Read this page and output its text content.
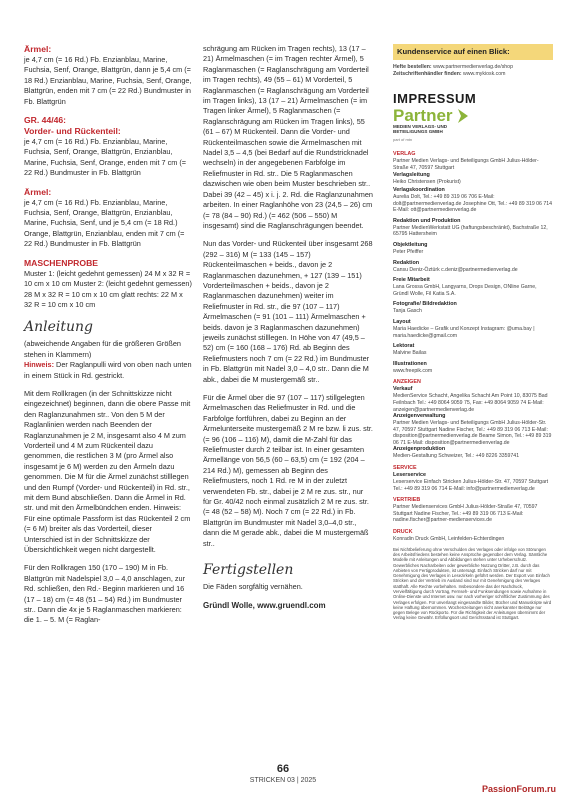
Ärmel:

je 4,7 cm (= 16 Rd.) Fb. Enzianblau, Marine, Fuchsia, Senf, Orange, Blattgrün, dann je 5,4 cm (= 18 Rd.) Enzianblau, Marine, Fuchsia, Senf, Orange, Blattgrün, enden mit 7 cm (= 22 Rd.) Bundmuster in Fb. Blattgrün

GR. 44/46:

Vorder- und Rückenteil:

je 4,7 cm (= 16 Rd.) Fb. Enzianblau, Marine, Fuchsia, Senf, Orange, Blattgrün, Enzianblau, Marine, Fuchsia, Senf, Orange, enden mit 7 cm (= 22 Rd.) Bundmuster in Fb. Blattgrün

Ärmel:

je 4,7 cm (= 16 Rd.) Fb. Enzianblau, Marine, Fuchsia, Senf, Orange, Blattgrün, Enzianblau, Marine, Fuchsia, Senf, und je 5,4 cm (= 18 Rd.) Orange, Blattgrün, Enzianblau, enden mit 7 cm (= 22 Rd.) Bundmuster in Fb. Blattgrün

MASCHENPROBE

Muster 1: (leicht gedehnt gemessen) 24 M x 32 R = 10 cm x 10 cm Muster 2: (leicht gedehnt gemessen) 28 M x 32 R = 10 cm x 10 cm glatt rechts: 22 M x 32 R = 10 cm x 10 cm

Anleitung

(abweichende Angaben für die größeren Größen stehen in Klammern)

Hinweis: Der Raglanpulli wird von oben nach unten in einem Stück in Rd. gestrickt.

Mit dem Rollkragen (in der Schnittskizze nicht eingezeichnet) beginnen, dann die obere Passe mit den Raglanzunahmen str.. Von den 5 M der Raglanlinien werden nach Beenden der Raglanzunahmen je 2 M, insgesamt also 4 M zum Vorderteil und 4 M zum Rückenteil dazu genommen, die restlichen 3 M (pro Ärmel also insgesamt je 6 M) werden zu den Ärmeln dazu genommen. Die M für die Ärmel zunächst stilllegen und den Rumpf (Vorder- und Rückenteil) in Rd. str., mit dem Bund abschließen. Dann die Ärmel in Rd. str. und mit den Ärmelbündchen enden. Hinweis: Für eine optimale Passform ist das Rückenteil 2 cm (= 6 M) breiter als das Vorderteil, dieser Unterschied ist in der Schnittskizze der Übersichtlichkeit wegen nicht dargestellt.

Für den Rollkragen 150 (170 – 190) M in Fb. Blattgrün mit Nadelspiel 3,0 – 4,0 anschlagen, zur Rd. schließen, den Rd.- Beginn markieren und 16 (17 – 18) cm (= 48 (51 – 54) Rd.) im Bundmuster str.. Dann die 4x je 5 Raglanmaschen markieren: die 1. – 5. M (= Raglan-

schrägung am Rücken im Tragen rechts), 13 (17 – 21) Ärmelmaschen (= im Tragen rechter Ärmel), 5 Raglanmaschen (= Raglanschrägung am Vorderteil im Tragen rechts), 49 (55 – 61) M Vorderteil, 5 Raglanmaschen (= Raglanschrägung am Vorderteil im Tragen links), 13 (17 – 21) Ärmelmaschen (= im Tragen linker Ärmel), 5 Raglanmaschen (= Raglanschrägung am Rücken im Tragen links), 55 (61 – 67) M Rückenteil. Dann die Vorder- und Rückenteilmaschen sowie die Ärmelmaschen mit Nadel 3,5 – 4,5 (bei Bedarf auf die Rundstricknadel wechseln) in der angegebenen Farbfolge im Reliefmuster in Rd. str.. Die 5 Raglanmaschen dazwischen wie oben beim Muster beschrieben str.. Dabei 39 (42 – 45) x i. j. 2. Rd. die Raglanzunahmen arbeiten. In einer Raglanhöhe von 23 (24,5 – 26) cm (= 78 (84 – 90) Rd.) (= 462 (506 – 550) M insgesamt) sind die Raglanschrägungen beendet.

Nun das Vorder- und Rückenteil über insgesamt 268 (292 – 316) M (= 133 (145 – 157) Rückenteilmaschen + beids., davon je 2 Raglanmaschen dazunehmen, + 127 (139 – 151) Vorderteilmaschen + beids., davon je 2 Raglanmaschen dazunehmen) weiter im Reliefmuster in Rd. str., die 97 (107 – 117) Ärmelmaschen (= 91 (101 – 111) Ärmelmaschen + beids. davon je 3 Raglanmaschen dazunehmen) jeweils zunächst stilllegen. In Höhe von 47 (49,5 – 52) cm (= 160 (168 – 176) Rd. ab Beginn des Reliefmusters noch 7 cm (= 22 Rd.) im Bundmuster in Fb. Blattgrün mit Nadel 3,0 – 4,0 str.. Dann die M abk., dabei die M mustergemäß str..

Für die Ärmel über die 97 (107 – 117) stillgelegten Ärmelmaschen das Reliefmuster in Rd. und die Farbfolge fortführen, dabei zu Beginn an der Ärmelunterseite mustergemäß 2 M re bzw. li zus. str. (= 96 (106 – 116) M), damit die M-Zahl für das Reliefmuster durch 2 teilbar ist. In einer gesamten Ärmellänge von 56,5 (60 – 63,5) cm (= 192 (204 – 214 Rd.) M), gemessen ab Beginn des Reliefmusters, noch 1 Rd. re M in der zuletzt verwendeten Fb. str., dabei je 2 M re zus. str., nur für Gr. 40/42 noch einmal zusätzlich 2 M re zus. str. (= 48 (52 – 58) M). Noch 7 cm (= 22 Rd.) in Fb. Blattgrün im Bundmuster mit Nadel 3,0–4,0 str., dann die M gerade abk., dabei die M mustergemäß str..

Fertigstellen

Die Fäden sorgfältig vernähen.

Gründl Wolle, www.gruendl.com

Kundenservice auf einen Blick:

Hefte bestellen: www.partnermedienverlag.de/shop

Zeitschriftenhändler finden: www.mykiosk.com

IMPRESSUM
Partner
MEDIEN VERLAGS- UND BETEILIGUNGS GMBH
part of mtn

VERLAG

Partner Medien Verlags- und Beteiligungs GmbH Julius-Hölder-Straße 47, 70597 Stuttgart

Verlagsleitung

Heiko Christensen (Prokurist)

Verlagskoordination

Aurelia Dolt, Tel.: +49 89 319 06 706 E-Mail: dolt@partnermedienverlag.de Josephine Ott, Tel.: +49 89 319 06 714 E-Mail: ott@partnermedienverlag.de

Redaktion und Produktion

Partner MedienWerkstatt UG (haftungsbeschränkt), Bachstraße 12, 65795 Hattersheim

Objektleitung

Peter Pfeiffer

Redaktion

Cansu Deniz-Öztürk c.deniz@partnermedienverlag.de

Freie Mitarbeit

Lana Grossa GmbH, Langyarns, Drops Design, ONline Garne, Gründl Wolle, Fil Katia S.A.

Fotografie/ Bildredaktion

Tanja Gasch

Layout

Maria Haedicke – Grafik und Konzept Instagram: @uma.bay | maria.haedicke@gmail.com

Lektorat

Malvine Bailas

Illustrationen

www.freepik.com

ANZEIGEN

Verkauf

MedienService Schacht, Angelika Schacht Am Point 10, 83075 Bad Feilnbach Tel.: +49 8064 9059 75, Fax: +49 8064 9059 74 E-Mail: anzeigen@partnermedienverlag.de

Anzeigenverwaltung

Partner Medien Verlags- und Beteiligungs GmbH Julius-Hölder-Str. 47, 70597 Stuttgart Nadine Fischer, Tel.: +49 89 319 06 713 E-Mail: disposition@partnermedienverlag.de Beame Simon, Tel.: +49 89 319 06 71 E-Mail: disposition@partnermedienverlag.de

Anzeigenproduktion

Medien-Gestaltung Schweizer, Tel.: +49 8226 3359741

SERVICE

Leserservice

Leserservice Einfach Stricken Julius-Hölder-Str. 47, 70597 Stuttgart Tel.: +49 89 319 06 714 E-Mail: info@partnermedienverlag.de

VERTRIEB

Partner Medienservices GmbH Julius-Hölder-Straße 47, 70597 Stuttgart Nadine Fischer, Tel.: +49 89 319 06 713 E-Mail: nadine.fischer@partner-medienservices.de

DRUCK

Konradin Druck GmbH, Leinfelden-Echterdingen

Bei Nichtbelieferung ohne Verschulden des Verlages oder infolge von Störungen des Arbeitsfriedens bestehen keine Ansprüche gegenüber dem Verlag. Sämtliche Modelle mit Anleitungen und Abbildungen stehen unter Urheberschutz. Gewerbliches Nacharbeiten oder gewerbliche Nutzung Dritter, z.B. durch das Anbieten von Fertigprodukten, ist untersagt. Einfach Stricken darf nur mit Genehmigung des Verlages in Lesezirkeln geführt werden. Der Export von Einfach Stricken und der Vertrieb im Ausland sind nur mit Genehmigung des Verlages statthaft. Alle Rechte vorbehalten. Insbesondere das der Nachdruck, Vervielfältigung durch Vortrag, Fernseh- und Funksendungen sowie Aufnahme in Online-Dienste und Internet usw. nur nach vorheriger schriftlicher Zustimmung des Verlages erfolgen. Für unverlangt eingesandte Bilder, Bücher und Manuskripte wird keine Haftung übernommen. Wochenzeitungen nicht anerkannter Beiträge nur gegen Belege von Rückporto. Für die Richtigkeit der Anleitungen übernimmt der Verlag keine Gewähr. Erfüllungsort und Gerichtsstand ist Stuttgart.

66
STRICKEN 03 | 2025
PassionForum.ru
